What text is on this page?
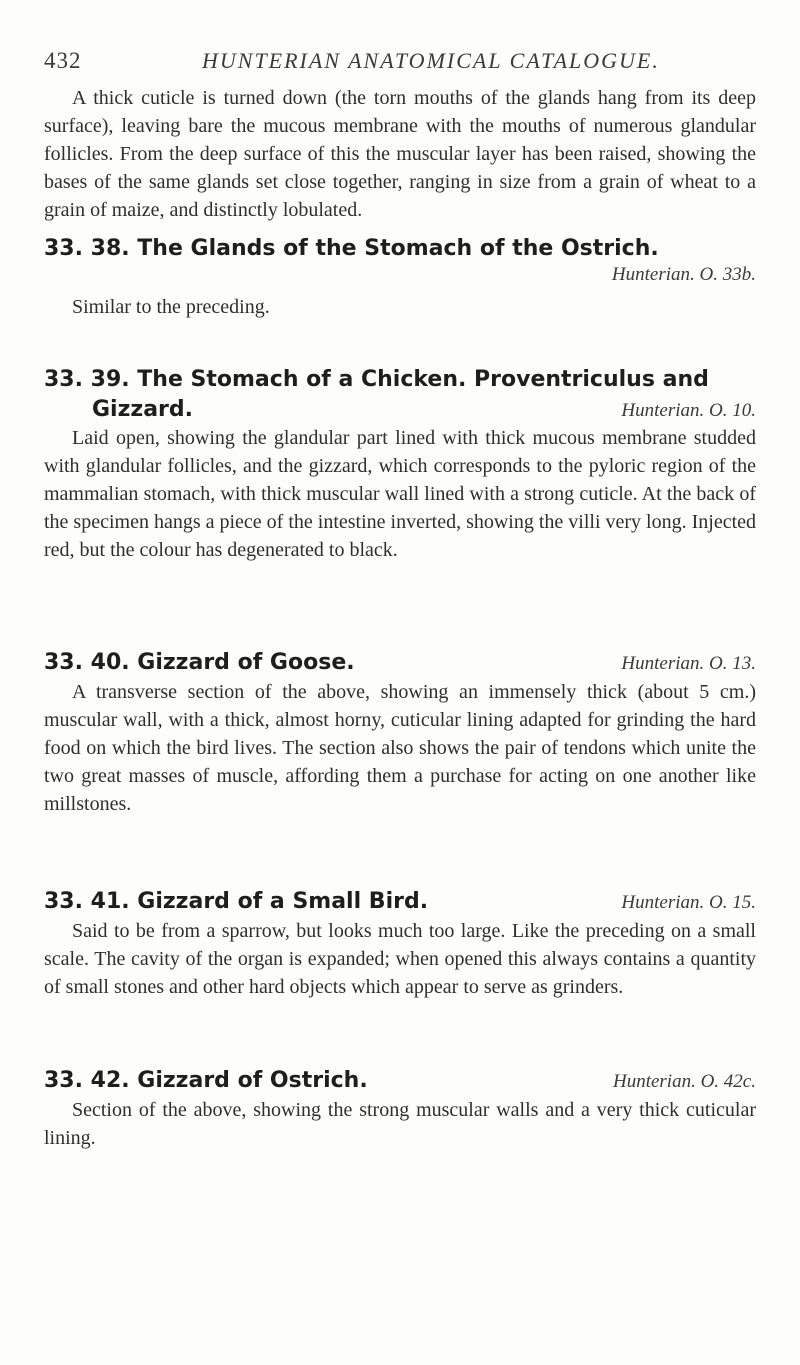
432	HUNTERIAN ANATOMICAL CATALOGUE.

A thick cuticle is turned down (the torn mouths of the glands hang from its deep surface), leaving bare the mucous membrane with the mouths of numerous glandular follicles. From the deep surface of this the muscular layer has been raised, showing the bases of the same glands set close together, ranging in size from a grain of wheat to a grain of maize, and distinctly lobulated.

33. 38. The Glands of the Stomach of the Ostrich.
Hunterian. O. 33b.

Similar to the preceding.

33. 39. The Stomach of a Chicken. Proventriculus and
Gizzard.	Hunterian. O. 10.

Laid open, showing the glandular part lined with thick mucous membrane studded with glandular follicles, and the gizzard, which corresponds to the pyloric region of the mammalian stomach, with thick muscular wall lined with a strong cuticle. At the back of the specimen hangs a piece of the intestine inverted, showing the villi very long. Injected red, but the colour has degenerated to black.

33. 40. Gizzard of Goose.	Hunterian. O. 13.

A transverse section of the above, showing an immensely thick (about 5 cm.) muscular wall, with a thick, almost horny, cuticular lining adapted for grinding the hard food on which the bird lives. The section also shows the pair of tendons which unite the two great masses of muscle, affording them a purchase for acting on one another like millstones.

33. 41. Gizzard of a Small Bird.	Hunterian. O. 15.

Said to be from a sparrow, but looks much too large. Like the preceding on a small scale. The cavity of the organ is expanded; when opened this always contains a quantity of small stones and other hard objects which appear to serve as grinders.

33. 42. Gizzard of Ostrich.	Hunterian. O. 42c.

Section of the above, showing the strong muscular walls and a very thick cuticular lining.
